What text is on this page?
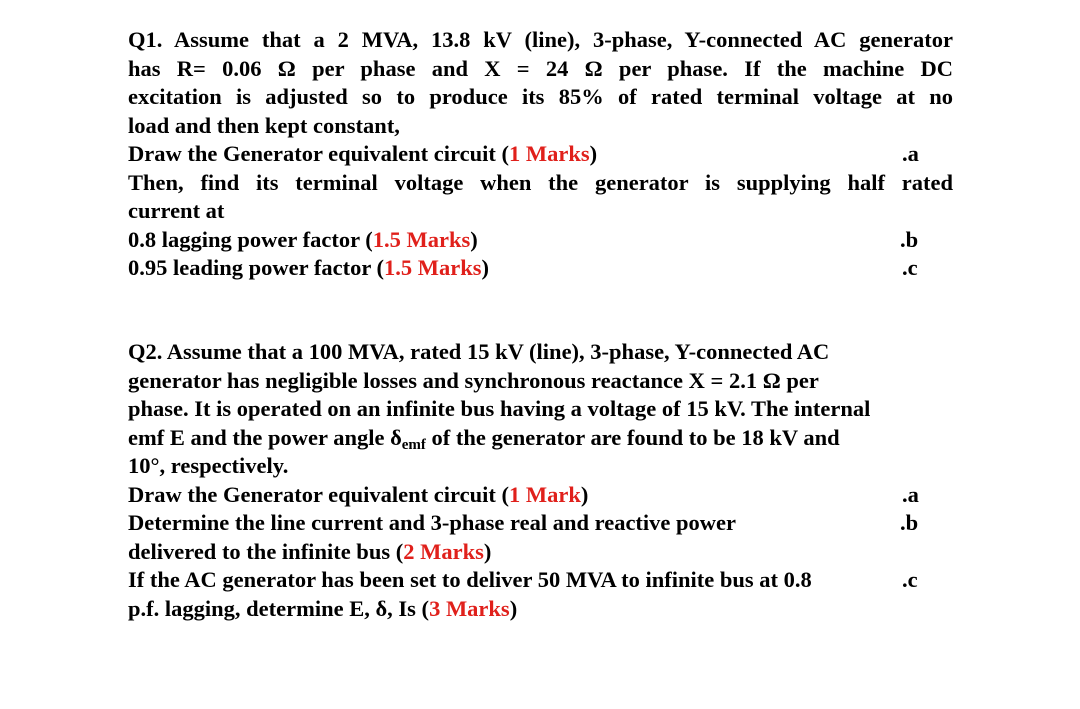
Q1. Assume that a 2 MVA, 13.8 kV (line), 3-phase, Y-connected AC generator
has R= 0.06 Ω per phase and X = 24 Ω per phase. If the machine DC
excitation is adjusted so to produce its 85% of rated terminal voltage at no
load and then kept constant,
Draw the Generator equivalent circuit (1 Marks)	.a
Then, find its terminal voltage when the generator is supplying half rated
current at
0.8 lagging power factor (1.5 Marks)	.b
0.95 leading power factor (1.5 Marks)	.c
Q2. Assume that a 100 MVA, rated 15 kV (line), 3-phase, Y-connected AC
generator has negligible losses and synchronous reactance X = 2.1 Ω per
phase. It is operated on an infinite bus having a voltage of 15 kV. The internal
emf E and the power angle $\delta_{emf}$ of the generator are found to be 18 kV and
10°, respectively.
Draw the Generator equivalent circuit (1 Mark)	.a
Determine the line current and 3-phase real and reactive power	.b
delivered to the infinite bus (2 Marks)
If the AC generator has been set to deliver 50 MVA to infinite bus at 0.8	.c
p.f. lagging, determine E, δ, Is (3 Marks)
